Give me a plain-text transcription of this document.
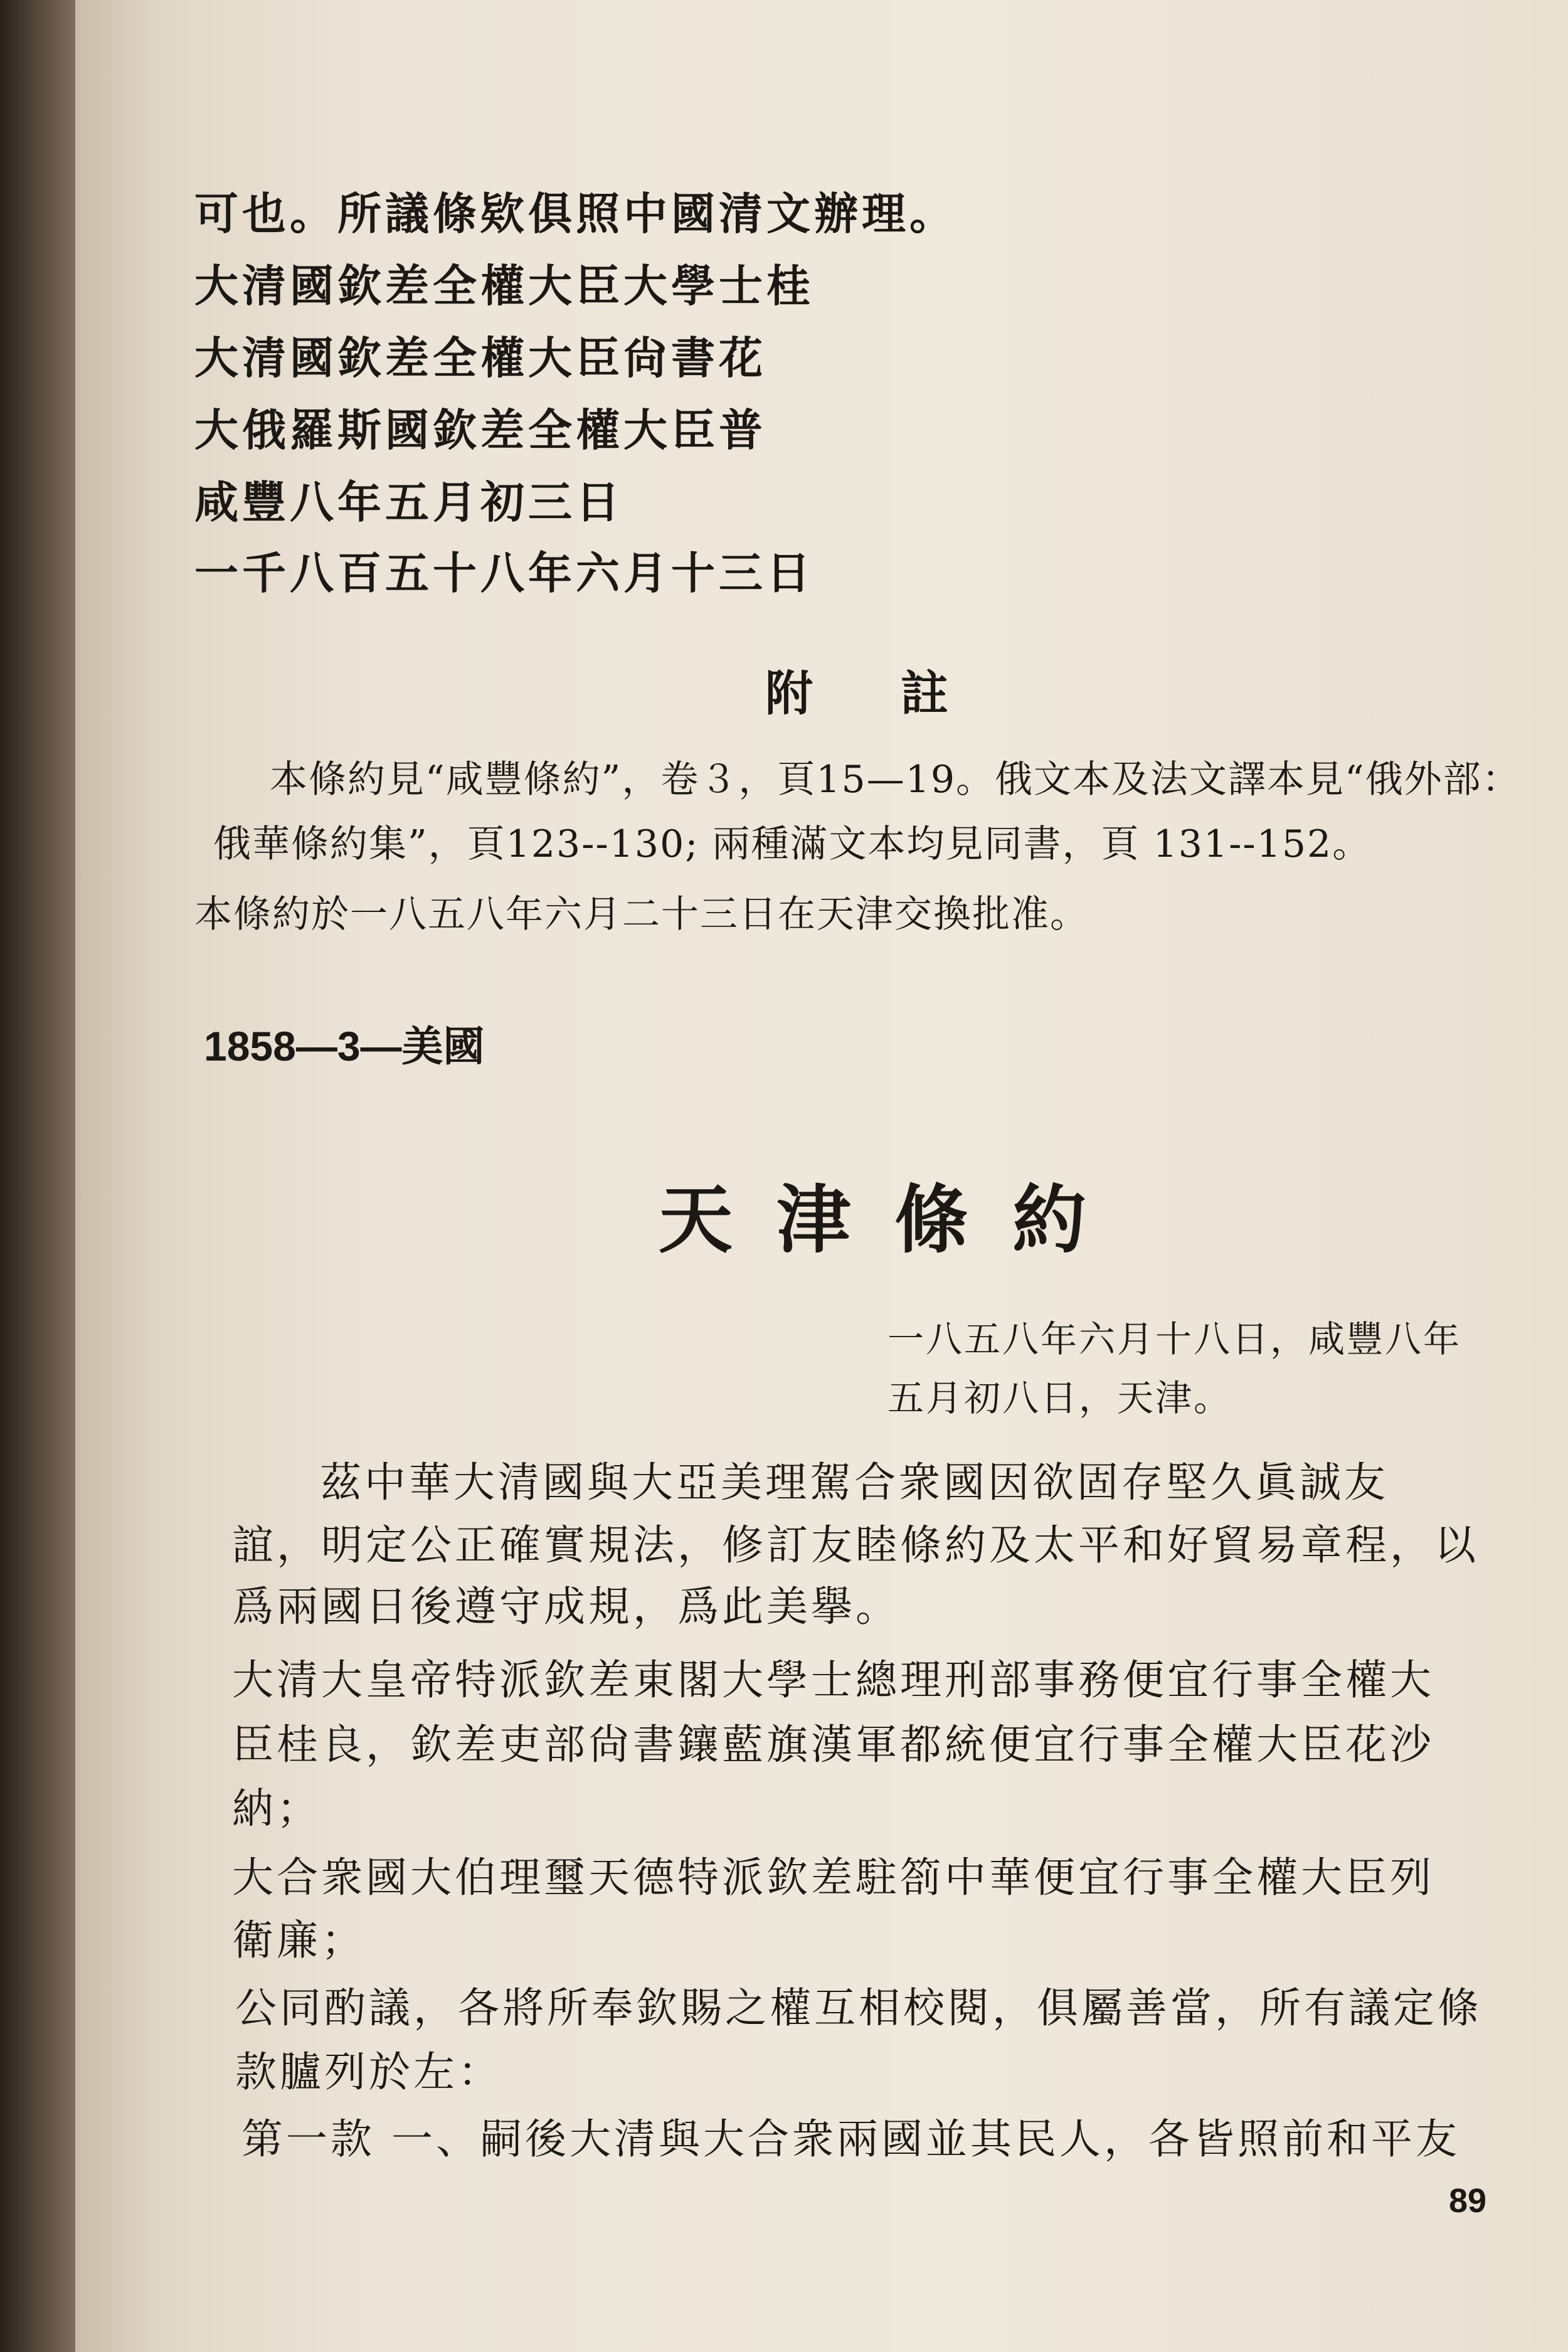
可也。所議條欵俱照中國清文辦理。
大清國欽差全權大臣大學士桂
大清國欽差全權大臣尙書花
大俄羅斯國欽差全權大臣普
咸豐八年五月初三日
一千八百五十八年六月十三日
附註
本條約見“咸豐條約”，卷３，頁15—19。俄文本及法文譯本見“俄外部：
俄華條約集”，頁123--130; 兩種滿文本均見同書，頁 131--152。
本條約於一八五八年六月二十三日在天津交換批准。
1858—3—美國
天津條約
一八五八年六月十八日，咸豐八年
五月初八日，天津。
茲中華大清國與大亞美理駕合衆國因欲固存堅久眞誠友
誼，明定公正確實規法，修訂友睦條約及太平和好貿易章程，以
爲兩國日後遵守成規，爲此美擧。
大清大皇帝特派欽差東閣大學士總理刑部事務便宜行事全權大
臣桂良，欽差吏部尙書鑲藍旗漢軍都統便宜行事全權大臣花沙
納；
大合衆國大伯理璽天德特派欽差駐箚中華便宜行事全權大臣列
衛廉；
公同酌議，各將所奉欽賜之權互相校閱，俱屬善當，所有議定條
款臚列於左：
第一款 一、嗣後大清與大合衆兩國並其民人，各皆照前和平友
89
